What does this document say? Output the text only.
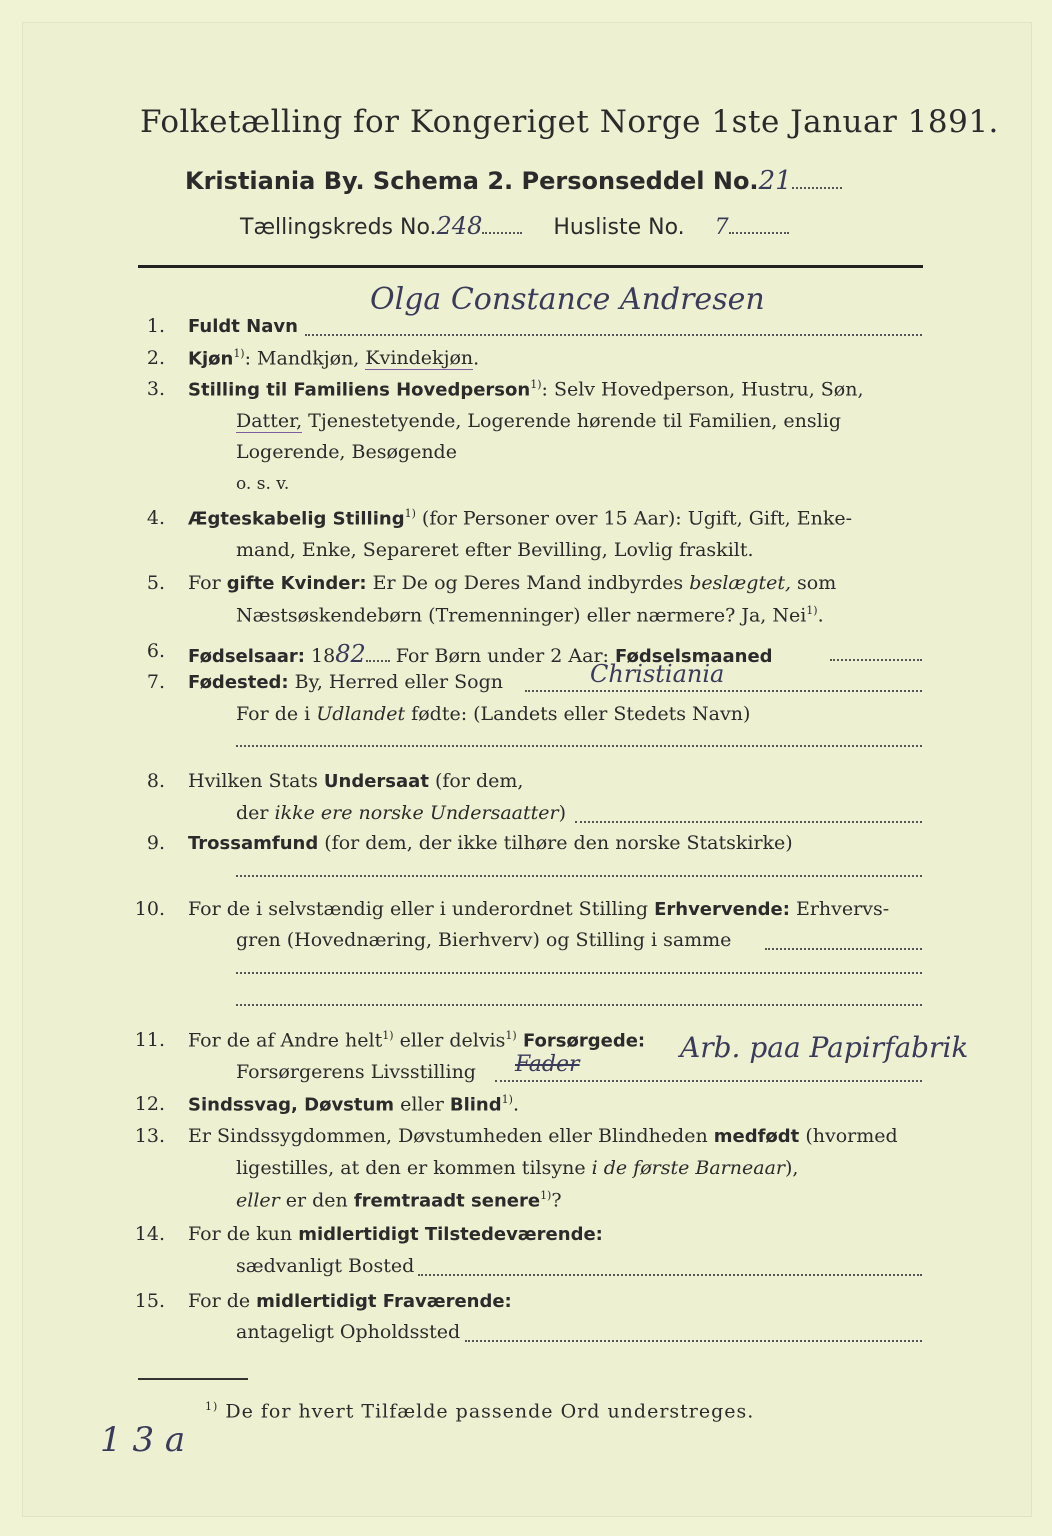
Folketælling for Kongeriget Norge 1ste Januar 1891.
Kristiania By. Schema 2. Personseddel No.21
Tællingskreds No.248	Husliste No. 7
1. Fuldt Navn
Olga Constance Andresen
2. Kjøn$^{1)}$: Mandkjøn, Kvindekjøn.
3. Stilling til Familiens Hovedperson$^{1)}$: Selv Hovedperson, Hustru, Søn,
Datter, Tjenestetyende, Logerende hørende til Familien, enslig
Logerende, Besøgende
o. s. v.
4. Ægteskabelig Stilling$^{1)}$ (for Personer over 15 Aar): Ugift, Gift, Enke-
mand, Enke, Separeret efter Bevilling, Lovlig fraskilt.
5. For gifte Kvinder: Er De og Deres Mand indbyrdes beslægtet, som
Næstsøskendebørn (Tremenninger) eller nærmere? Ja, Nei$^{1)}$.
6. Fødselsaar: 1882 For Børn under 2 Aar: Fødselsmaaned
7. Fødested: By, Herred eller Sogn	Christiania
For de i Udlandet fødte: (Landets eller Stedets Navn)
8. Hvilken Stats Undersaat (for dem,
der ikke ere norske Undersaatter)
9. Trossamfund (for dem, der ikke tilhøre den norske Statskirke)
10. For de i selvstændig eller i underordnet Stilling Erhvervende: Erhvervs-
gren (Hovednæring, Bierhverv) og Stilling i samme
11. For de af Andre helt$^{1)}$ eller delvis$^{1)}$ Forsørgede:
Forsørgerens Livsstilling Fader
Arb. paa Papirfabrik
12. Sindssvag, Døvstum eller Blind$^{1)}$.
13. Er Sindssygdommen, Døvstumheden eller Blindheden medfødt (hvormed
ligestilles, at den er kommen tilsyne i de første Barneaar),
eller er den fremtraadt senere$^{1)}$?
14. For de kun midlertidigt Tilstedeværende:
sædvanligt Bosted
15. For de midlertidigt Fraværende:
antageligt Opholdssted
$^{1)}$ De for hvert Tilfælde passende Ord understreges.
1 3 a
